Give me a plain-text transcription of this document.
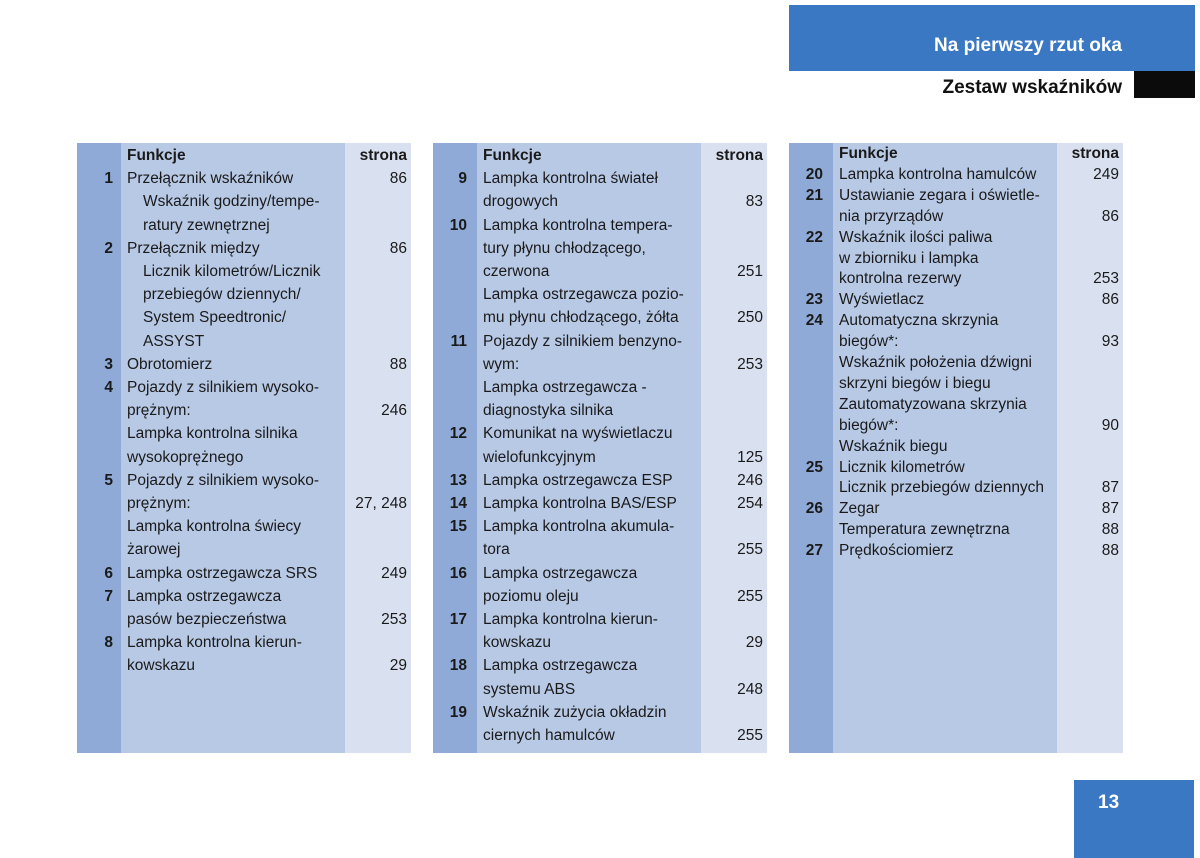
Na pierwszy rzut oka
Zestaw wskaźników
Funkcje	strona
1 Przełącznik wskaźników	86
Wskaźnik godziny/tempe-
ratury zewnętrznej
2 Przełącznik między	86
Licznik kilometrów/Licznik
przebiegów dziennych/
System Speedtronic/
ASSYST
3 Obrotomierz	88
4 Pojazdy z silnikiem wysoko-
prężnym:	246
Lampka kontrolna silnika
wysokoprężnego
5 Pojazdy z silnikiem wysoko-
prężnym:	27, 248
Lampka kontrolna świecy
żarowej
6 Lampka ostrzegawcza SRS	249
7 Lampka ostrzegawcza
pasów bezpieczeństwa	253
8 Lampka kontrolna kierun-
kowskazu	29
Funkcje	strona
9 Lampka kontrolna świateł
drogowych	83
10 Lampka kontrolna tempera-
tury płynu chłodzącego,
czerwona	251
Lampka ostrzegawcza pozio-
mu płynu chłodzącego, żółta	250
11 Pojazdy z silnikiem benzyno-
wym:	253
Lampka ostrzegawcza -
diagnostyka silnika
12 Komunikat na wyświetlaczu
wielofunkcyjnym	125
13 Lampka ostrzegawcza ESP	246
14 Lampka kontrolna BAS/ESP	254
15 Lampka kontrolna akumula-
tora	255
16 Lampka ostrzegawcza
poziomu oleju	255
17 Lampka kontrolna kierun-
kowskazu	29
18 Lampka ostrzegawcza
systemu ABS	248
19 Wskaźnik zużycia okładzin
ciernych hamulców	255
Funkcje	strona
20 Lampka kontrolna hamulców	249
21 Ustawianie zegara i oświetle-
nia przyrządów	86
22 Wskaźnik ilości paliwa
w zbiorniku i lampka
kontrolna rezerwy	253
23 Wyświetlacz	86
24 Automatyczna skrzynia
biegów*:	93
Wskaźnik położenia dźwigni
skrzyni biegów i biegu
Zautomatyzowana skrzynia
biegów*:	90
Wskaźnik biegu
25 Licznik kilometrów
Licznik przebiegów dziennych	87
26 Zegar	87
Temperatura zewnętrzna	88
27 Prędkościomierz	88
13
